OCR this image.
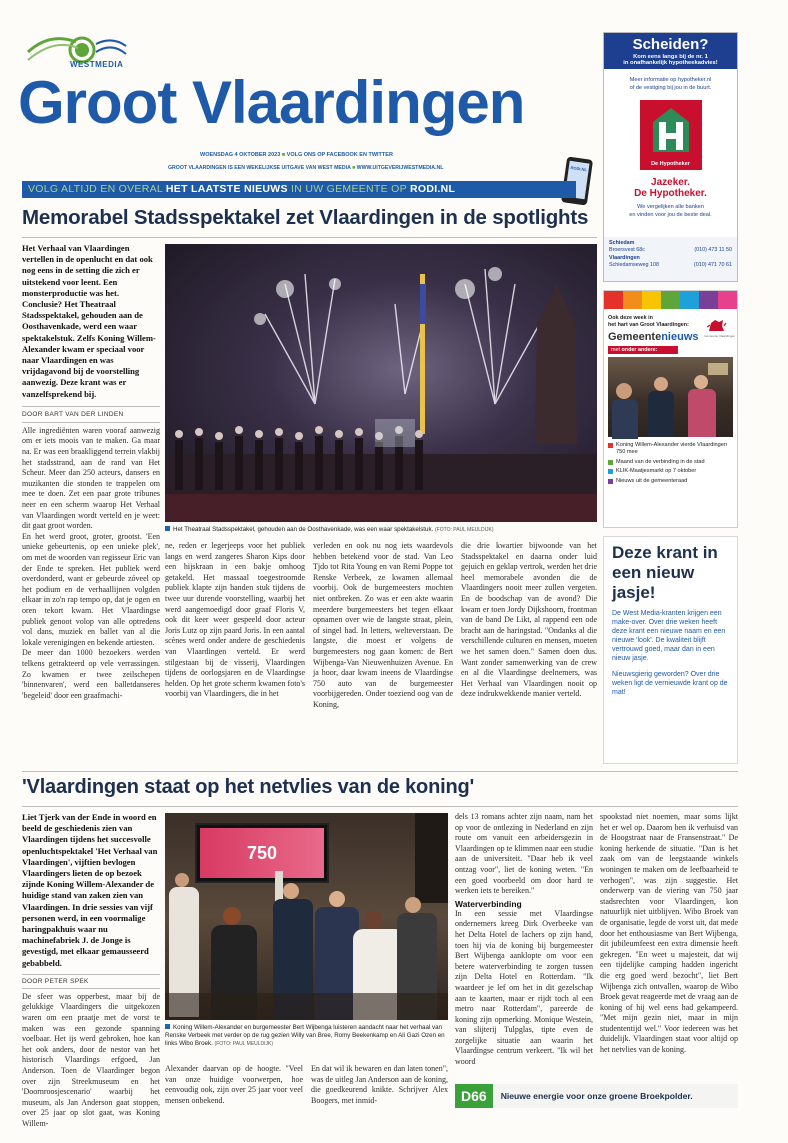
WESTMEDIA
Groot Vlaardingen
WOENSDAG 4 OKTOBER 2023 ■ VOLG ONS OP FACEBOOK EN TWITTER
GROOT VLAARDINGEN IS EEN WEKELIJKSE UITGAVE VAN WEST MEDIA ■ WWW.UITGEVERIJWESTMEDIA.NL	RODI.NL
VOLG ALTIJD EN OVERAL HET LAATSTE NIEUWS IN UW GEMEENTE OP RODI.NL
Scheiden?
Kom eens langs bij de nr. 1
in onafhankelijk hypotheekadvies!
Meer informatie op hypotheker.nl
of de vestiging bij jou in de buurt.
De Hypotheker
Jazeker.
De Hypotheker.
We vergelijken alle banken
en vinden voor jou de beste deal.
Schiedam
Broersvest 68c	(010) 473 11 50
Vlaardingen
Schiedamseweg 108	(010) 471 70 61
Ook deze week in
het hart van Groot Vlaardingen:
Gemeentenieuws	Gemeente Vlaardingen
met onder andere:
Koning Willem-Alexander vierde Vlaardingen 750 mee
Maand van de verbinding in de stad
KLIK-Maatjesmarkt op 7 oktober
Nieuws uit de gemeenteraad
Memorabel Stadsspektakel zet Vlaardingen in de spotlights

Het Verhaal van Vlaardingen vertellen in de openlucht en dat ook nog eens in de setting die zich er uitstekend voor leent. Een monsterproductie was het. Conclusie? Het Theatraal Stadsspektakel, gehouden aan de Oosthavenkade, werd een waar spektakelstuk. Zelfs Koning Willem-Alexander kwam er speciaal voor naar Vlaardingen en was vrijdagavond bij de voorstelling aanwezig. Deze krant was er vanzelfsprekend bij.

DOOR BART VAN DER LINDEN

Alle ingrediënten waren vooraf aanwezig om er iets moois van te maken. Ga maar na. Er was een braakliggend terrein vlakbij het stadsstrand, aan de rand van Het Scheur. Meer dan 250 acteurs, dansers en muzikanten die stonden te trappelen om mee te doen. Zet een paar grote tribunes neer en een scherm waarop Het Verhaal van Vlaardingen wordt verteld en je weet: dit gaat groot worden.

En het werd groot, groter, grootst. 'Een unieke gebeurtenis, op een unieke plek', om met de woorden van regisseur Eric van der Ende te spreken. Het publiek werd overdonderd, want er gebeurde zóveel op het podium en de verhaallijnen volgden elkaar in zo'n rap tempo op, dat je ogen en oren tekort kwam. Het Vlaardingse publiek genoot volop van alle optredens vol dans, muziek en ballet van al die lokale verenigingen en bekende artiesten.

De meer dan 1000 bezoekers werden telkens getrakteerd op vele verrassingen. Zo kwamen er twee zeilschepen 'binnenvaren', werd een balletdanseres 'begeleid' door een graafmachi-

Het Theatraal Stadsspektakel, gehouden aan de Oosthavenkade, was een waar spektakelstuk. (FOTO: PAUL MEULDIJK)

ne, reden er legerjeeps voor het publiek langs en werd zangeres Sharon Kips door een hijskraan in een bakje omhoog getakeld. Het massaal toegestroomde publiek klapte zijn handen stuk tijdens de twee uur durende voorstelling, waarbij het werd aangemoedigd door graaf Floris V, ook dit keer weer gespeeld door acteur Joris Lutz op zijn paard Joris. In een aantal scènes werd onder andere de geschiedenis van Vlaardingen verteld. Er werd stilgestaan bij de visserij, Vlaardingen tijdens de oorlogsjaren en de Vlaardingse helden. Op het grote scherm kwamen foto's voorbij van Vlaardingers, die in het

verleden en ook nu nog iets waardevols hebben betekend voor de stad. Van Leo Tjdo tot Rita Young en van Remi Poppe tot Renske Verbeek, ze kwamen allemaal voorbij. Ook de burgemeesters mochten niet ontbreken. Zo was er een akte waarin meerdere burgemeesters het tegen elkaar opnamen over wie de langste straat, plein, of singel had. In letters, welteverstaan. De langste, die moest er volgens de burgemeesters nog gaan komen: de Bert Wijbenga-Van Nieuwenhuizen Avenue. En ja hoor, daar kwam ineens de Vlaardingse 750 auto van de burgemeester voorbijgereden. Onder toeziend oog van de Koning,

die drie kwartier bijwoonde van het Stadsspektakel en daarna onder luid gejuich en geklap vertrok, werden het drie heel memorabele avonden die de Vlaardingers nooit meer zullen vergeten. En de boodschap van de avond? Die kwam er toen Jordy Dijkshoorn, frontman van de band De Likt, al rappend een ode bracht aan de haringstad. "Ondanks al die verschillende culturen en mensen, moeten we het samen doen." Samen doen dus. Want zonder samenwerking van de crew en al die Vlaardingse deelnemers, was Het Verhaal van Vlaardingen nooit op deze indrukwekkende manier verteld.

Deze krant in een nieuw jasje!

De West Media-kranten krijgen een make-over. Over drie weken heeft deze krant een nieuwe naam en een nieuwe 'look'. De kwaliteit blijft vertrouwd goed, maar dan in een nieuw jasje.

Nieuwsgierig geworden? Over drie weken ligt de vernieuwde krant op de mat!

'Vlaardingen staat op het netvlies van de koning'

Liet Tjerk van der Ende in woord en beeld de geschiedenis zien van Vlaardingen tijdens het succesvolle openluchtspektakel 'Het Verhaal van Vlaardingen', vijftien bevlogen Vlaardingers lieten de op bezoek zijnde Koning Willem-Alexander de huidige stand van zaken zien van Vlaardingen. In drie sessies van vijf personen werd, in een voormalige haringpakhuis waar nu machinefabriek J. de Jonge is gevestigd, met elkaar gemausseerd gebabbeld.

DOOR PETER SPEK

De sfeer was opperbest, maar bij de gelukkige Vlaardingers die uitgekozen waren om een praatje met de vorst te maken was een gezonde spanning voelbaar. Het ijs werd gebroken, hoe kan het ook anders, door de nestor van het historisch Vlaardings erfgoed, Jan Anderson. Toen de Vlaardinger begon over zijn Streekmuseum en het 'Doornroosjescenario' waarbij het museum, als Jan Anderson gaat stoppen, over 25 jaar op slot gaat, was Koning Willem-

750
Koning Willem-Alexander en burgemeester Bert Wijbenga luisteren aandacht naar het verhaal van Renske Verbeek met verder op de rug gezien Willy van Bree, Romy Beekenkamp en Ali Gazi Ozen en links Wibo Broek. (FOTO: PAUL MEULDIJK)

Alexander daarvan op de hoogte. "Veel van onze huidige voorwerpen, hoe eenvoudig ook, zijn over 25 jaar voor veel mensen onbekend.

En dat wil ik bewaren en dan laten tonen", was de uitleg Jan Anderson aan de koning, die goedkeurend knikte. Schrijver Alex Boogers, met inmid-

dels 13 romans achter zijn naam, nam het op voor de ontlezing in Nederland en zijn route om vanuit een arbeidersgezin in Vlaardingen op te klimmen naar een studie aan de universiteit. "Daar heb ik veel ontzag voor", liet de koning weten. "En een goed voorbeeld om door hard te werken iets te bereiken."

Waterverbinding

In een sessie met Vlaardingse ondernemers kreeg Dirk Overbeeke van het Delta Hotel de lachers op zijn hand, toen hij via de koning bij burgemeester Bert Wijbenga aanklopte om voor een betere waterverbinding te zorgen tussen zijn Delta Hotel en Rotterdam. "Ik waardeer je lef om het in dit gezelschap aan te kaarten, maar er rijdt toch al een metro naar Rotterdam", pareerde de koning zijn opmerking. Monique Westein, van slijterij Tulpglas, tipte even de zorgelijke situatie aan waarin het Vlaardingse centrum verkeert. "Ik wil het woord

spookstad niet noemen, maar soms lijkt het er wel op. Daarom ben ik verhuisd van de Hoogstraat naar de Fransenstraat." De koning herkende de situatie. "Dan is het zaak om van de leegstaande winkels woningen te maken om de leefbaarheid te verhogen", was zijn suggestie. Het onderwerp van de viering van 750 jaar stadsrechten voor Vlaardingen, kon natuurlijk niet uitblijven. Wibo Broek van de organisatie, legde de vorst uit, dat mede door het enthousiasme van Bert Wijbenga, dit jubileumfeest een extra dimensie heeft gekregen. "En weet u majesteit, dat wij een tijdelijke camping hadden ingericht die erg goed werd bezocht", liet Bert Wijbenga zich ontvallen, waarop de Wibo Broek gevat reageerde met de vraag aan de koning of hij wel eens had gekampeerd. "Met mijn gezin niet, maar in mijn studententijd wel." Voor iedereen was het duidelijk. Vlaardingen staat voor altijd op het netvlies van de koning.

D66	Nieuwe energie voor onze groene Broekpolder.
